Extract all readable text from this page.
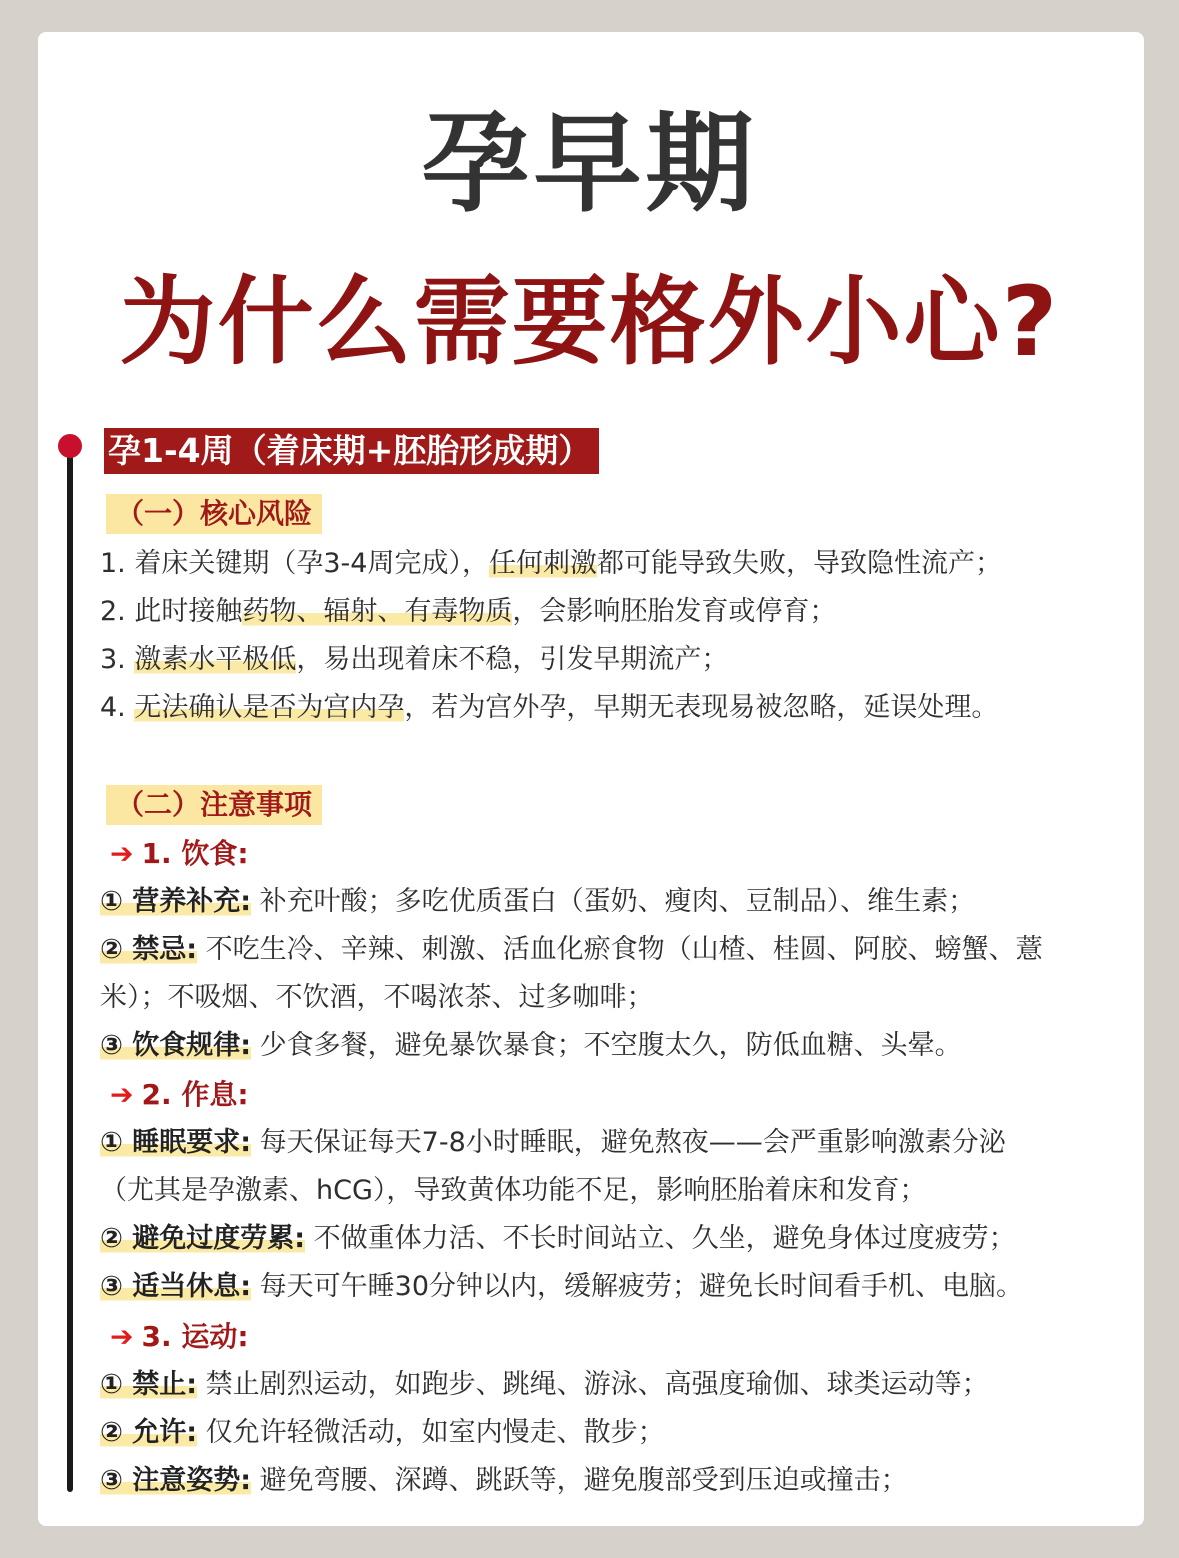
孕早期
为什么需要格外小心?
孕1-4周（着床期+胚胎形成期）
（一）核心风险
1. 着床关键期（孕3-4周完成），任何刺激都可能导致失败，导致隐性流产；
2. 此时接触药物、辐射、有毒物质，会影响胚胎发育或停育；
3. 激素水平极低，易出现着床不稳，引发早期流产；
4. 无法确认是否为宫内孕，若为宫外孕，早期无表现易被忽略，延误处理。
（二）注意事项
➔ 1. 饮食:
① 营养补充: 补充叶酸；多吃优质蛋白（蛋奶、瘦肉、豆制品）、维生素；
② 禁忌: 不吃生冷、辛辣、刺激、活血化瘀食物（山楂、桂圆、阿胶、螃蟹、薏
米）；不吸烟、不饮酒，不喝浓茶、过多咖啡；
③ 饮食规律: 少食多餐，避免暴饮暴食；不空腹太久，防低血糖、头晕。
➔ 2. 作息:
① 睡眠要求: 每天保证每天7-8小时睡眠，避免熬夜——会严重影响激素分泌
（尤其是孕激素、hCG），导致黄体功能不足，影响胚胎着床和发育；
② 避免过度劳累: 不做重体力活、不长时间站立、久坐，避免身体过度疲劳；
③ 适当休息: 每天可午睡30分钟以内，缓解疲劳；避免长时间看手机、电脑。
➔ 3. 运动:
① 禁止: 禁止剧烈运动，如跑步、跳绳、游泳、高强度瑜伽、球类运动等；
② 允许: 仅允许轻微活动，如室内慢走、散步；
③ 注意姿势: 避免弯腰、深蹲、跳跃等，避免腹部受到压迫或撞击；
